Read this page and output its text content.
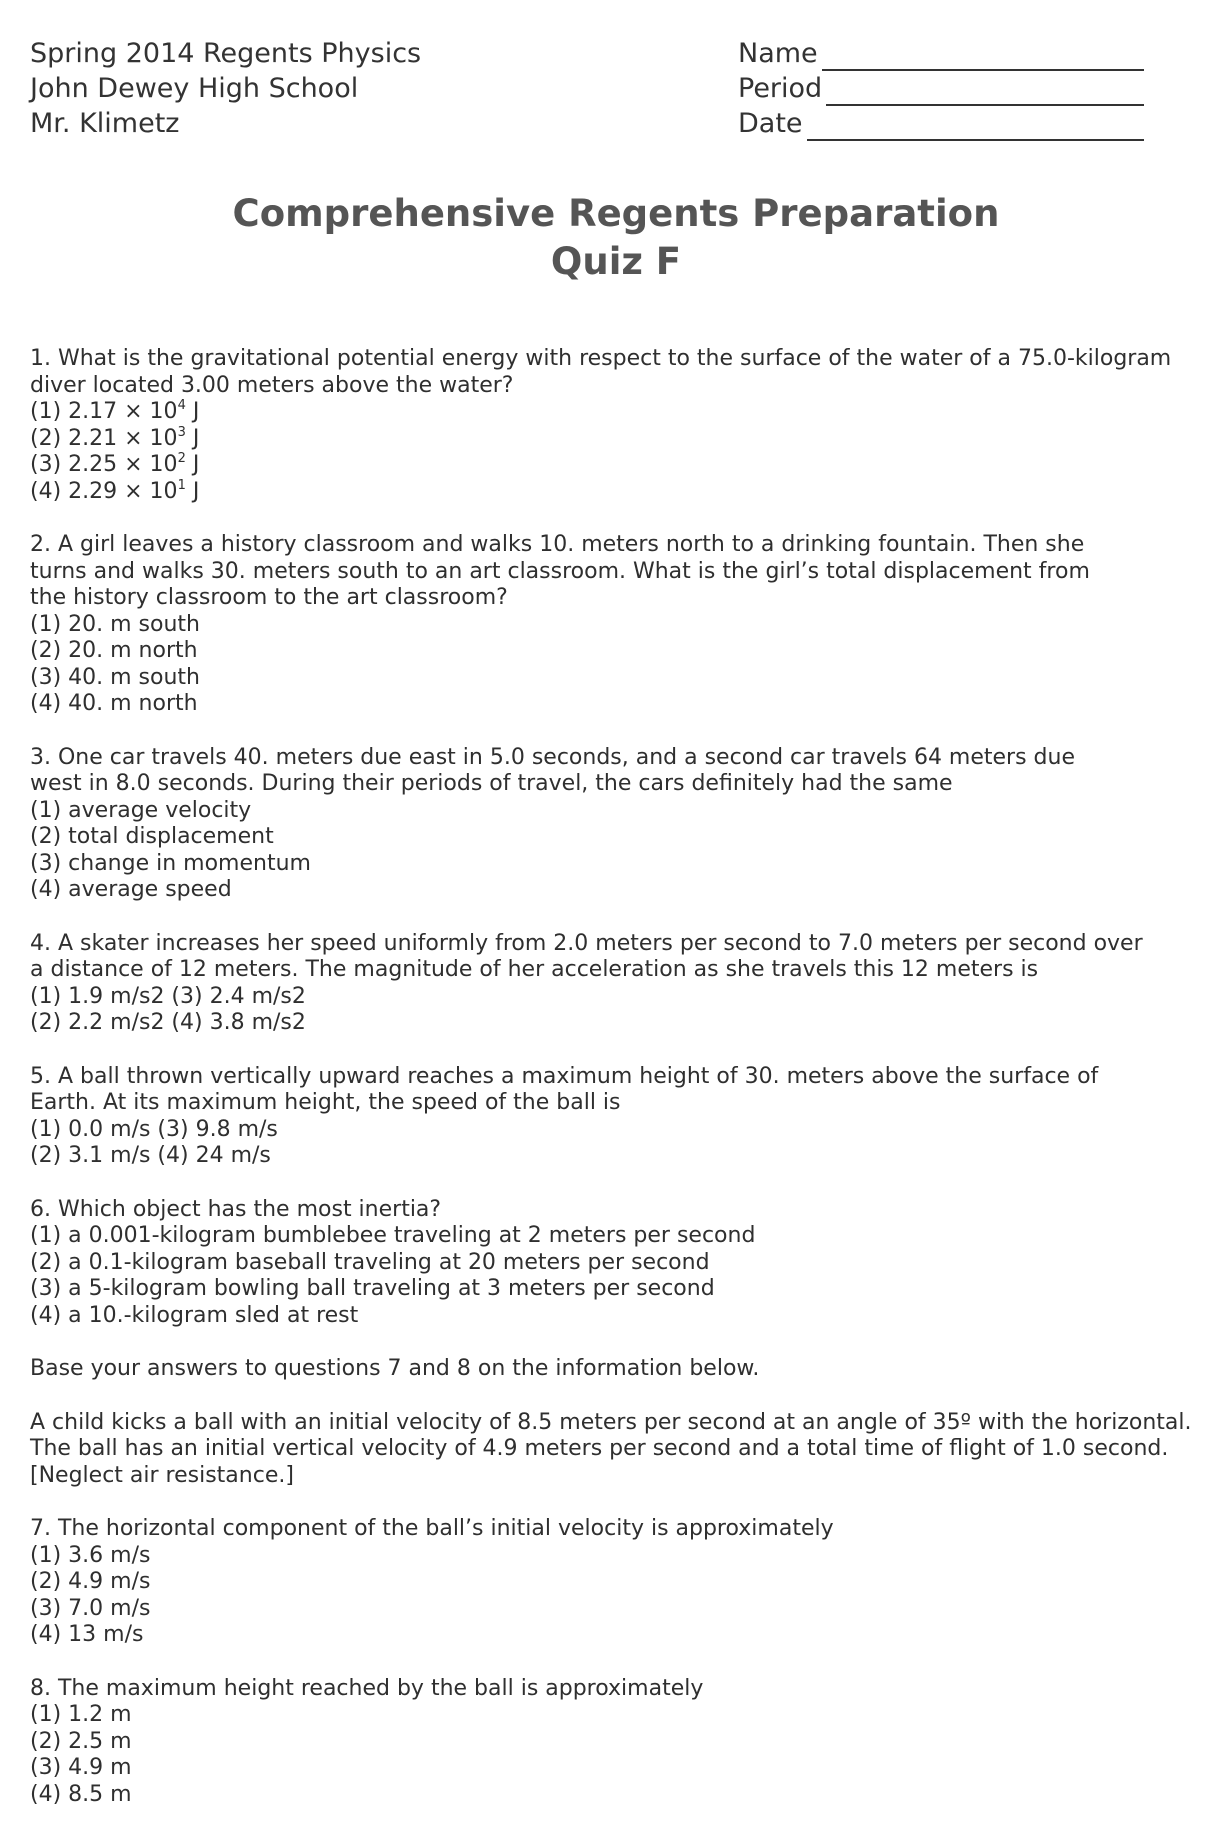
Spring 2014 Regents Physics
John Dewey High School
Mr. Klimetz
Name
Period
Date
Comprehensive Regents Preparation
Quiz F

1. What is the gravitational potential energy with respect to the surface of the water of a 75.0-kilogram diver located 3.00 meters above the water?

(1) $2.17 \times 10^4$ J

(2) $2.21 \times 10^3$ J

(3) $2.25 \times 10^2$ J

(4) $2.29 \times 10^1$ J

2. A girl leaves a history classroom and walks 10. meters north to a drinking fountain. Then she turns and walks 30. meters south to an art classroom. What is the girl’s total displacement from the history classroom to the art classroom?

(1) 20. m south

(2) 20. m north

(3) 40. m south

(4) 40. m north

3. One car travels 40. meters due east in 5.0 seconds, and a second car travels 64 meters due west in 8.0 seconds. During their periods of travel, the cars definitely had the same

(1) average velocity

(2) total displacement

(3) change in momentum

(4) average speed

4. A skater increases her speed uniformly from 2.0 meters per second to 7.0 meters per second over a distance of 12 meters. The magnitude of her acceleration as she travels this 12 meters is

(1) 1.9 m/s2 (3) 2.4 m/s2

(2) 2.2 m/s2 (4) 3.8 m/s2

5. A ball thrown vertically upward reaches a maximum height of 30. meters above the surface of Earth. At its maximum height, the speed of the ball is

(1) 0.0 m/s (3) 9.8 m/s

(2) 3.1 m/s (4) 24 m/s

6. Which object has the most inertia?

(1) a 0.001-kilogram bumblebee traveling at 2 meters per second

(2) a 0.1-kilogram baseball traveling at 20 meters per second

(3) a 5-kilogram bowling ball traveling at 3 meters per second

(4) a 10.-kilogram sled at rest

Base your answers to questions 7 and 8 on the information below.

A child kicks a ball with an initial velocity of 8.5 meters per second at an angle of 35º with the horizontal. The ball has an initial vertical velocity of 4.9 meters per second and a total time of flight of 1.0 second. [Neglect air resistance.]

7. The horizontal component of the ball’s initial velocity is approximately

(1) 3.6 m/s

(2) 4.9 m/s

(3) 7.0 m/s

(4) 13 m/s

8. The maximum height reached by the ball is approximately

(1) 1.2 m

(2) 2.5 m

(3) 4.9 m

(4) 8.5 m
